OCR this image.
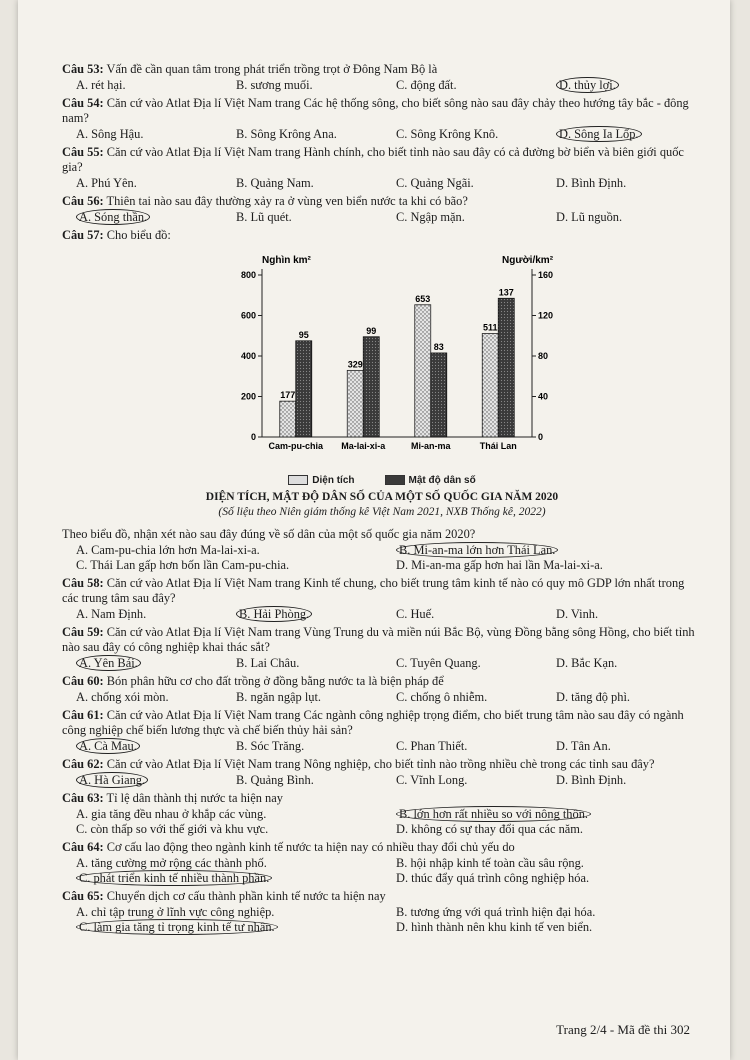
Câu 53: Vấn đề cần quan tâm trong phát triển trồng trọt ở Đông Nam Bộ là

A. rét hại.	B. sương muối.	C. động đất.	D. thủy lợi.

Câu 54: Căn cứ vào Atlat Địa lí Việt Nam trang Các hệ thống sông, cho biết sông nào sau đây chảy theo hướng tây bắc - đông nam?

A. Sông Hậu.	B. Sông Krông Ana.	C. Sông Krông Knô.	D. Sông Ia Lốp.

Câu 55: Căn cứ vào Atlat Địa lí Việt Nam trang Hành chính, cho biết tỉnh nào sau đây có cả đường bờ biển và biên giới quốc gia?

A. Phú Yên.	B. Quảng Nam.	C. Quảng Ngãi.	D. Bình Định.

Câu 56: Thiên tai nào sau đây thường xảy ra ở vùng ven biển nước ta khi có bão?

A. Sóng thần.	B. Lũ quét.	C. Ngập mặn.	D. Lũ nguồn.

Câu 57: Cho biểu đồ:

Nghìn km²	Người/km²
0
200
400
600
800
0
40
80
120
160
177
95
Cam-pu-chia
329
99
Ma-lai-xi-a
653
83
Mi-an-ma
511
137
Thái Lan
Diện tích	Mật độ dân số
DIỆN TÍCH, MẬT ĐỘ DÂN SỐ CỦA MỘT SỐ QUỐC GIA NĂM 2020
(Số liệu theo Niên giám thống kê Việt Nam 2021, NXB Thống kê, 2022)

Theo biểu đồ, nhận xét nào sau đây đúng về số dân của một số quốc gia năm 2020?

A. Cam-pu-chia lớn hơn Ma-lai-xi-a.	B. Mi-an-ma lớn hơn Thái Lan.
C. Thái Lan gấp hơn bốn lần Cam-pu-chia.	D. Mi-an-ma gấp hơn hai lần Ma-lai-xi-a.

Câu 58: Căn cứ vào Atlat Địa lí Việt Nam trang Kinh tế chung, cho biết trung tâm kinh tế nào có quy mô GDP lớn nhất trong các trung tâm sau đây?

A. Nam Định.	B. Hải Phòng.	C. Huế.	D. Vinh.

Câu 59: Căn cứ vào Atlat Địa lí Việt Nam trang Vùng Trung du và miền núi Bắc Bộ, vùng Đồng bằng sông Hồng, cho biết tỉnh nào sau đây có công nghiệp khai thác sắt?

A. Yên Bái.	B. Lai Châu.	C. Tuyên Quang.	D. Bắc Kạn.

Câu 60: Bón phân hữu cơ cho đất trồng ở đồng bằng nước ta là biện pháp để

A. chống xói mòn.	B. ngăn ngập lụt.	C. chống ô nhiễm.	D. tăng độ phì.

Câu 61: Căn cứ vào Atlat Địa lí Việt Nam trang Các ngành công nghiệp trọng điểm, cho biết trung tâm nào sau đây có ngành công nghiệp chế biến lương thực và chế biến thủy hải sản?

A. Cà Mau.	B. Sóc Trăng.	C. Phan Thiết.	D. Tân An.

Câu 62: Căn cứ vào Atlat Địa lí Việt Nam trang Nông nghiệp, cho biết tỉnh nào trồng nhiều chè trong các tỉnh sau đây?

A. Hà Giang.	B. Quảng Bình.	C. Vĩnh Long.	D. Bình Định.

Câu 63: Tỉ lệ dân thành thị nước ta hiện nay

A. gia tăng đều nhau ở khắp các vùng.	B. lớn hơn rất nhiều so với nông thôn.
C. còn thấp so với thế giới và khu vực.	D. không có sự thay đổi qua các năm.

Câu 64: Cơ cấu lao động theo ngành kinh tế nước ta hiện nay có nhiều thay đổi chủ yếu do

A. tăng cường mở rộng các thành phố.	B. hội nhập kinh tế toàn cầu sâu rộng.
C. phát triển kinh tế nhiều thành phần.	D. thúc đẩy quá trình công nghiệp hóa.

Câu 65: Chuyển dịch cơ cấu thành phần kinh tế nước ta hiện nay

A. chỉ tập trung ở lĩnh vực công nghiệp.	B. tương ứng với quá trình hiện đại hóa.
C. làm gia tăng tỉ trọng kinh tế tư nhân.	D. hình thành nên khu kinh tế ven biển.
Trang 2/4 - Mã đề thi 302
